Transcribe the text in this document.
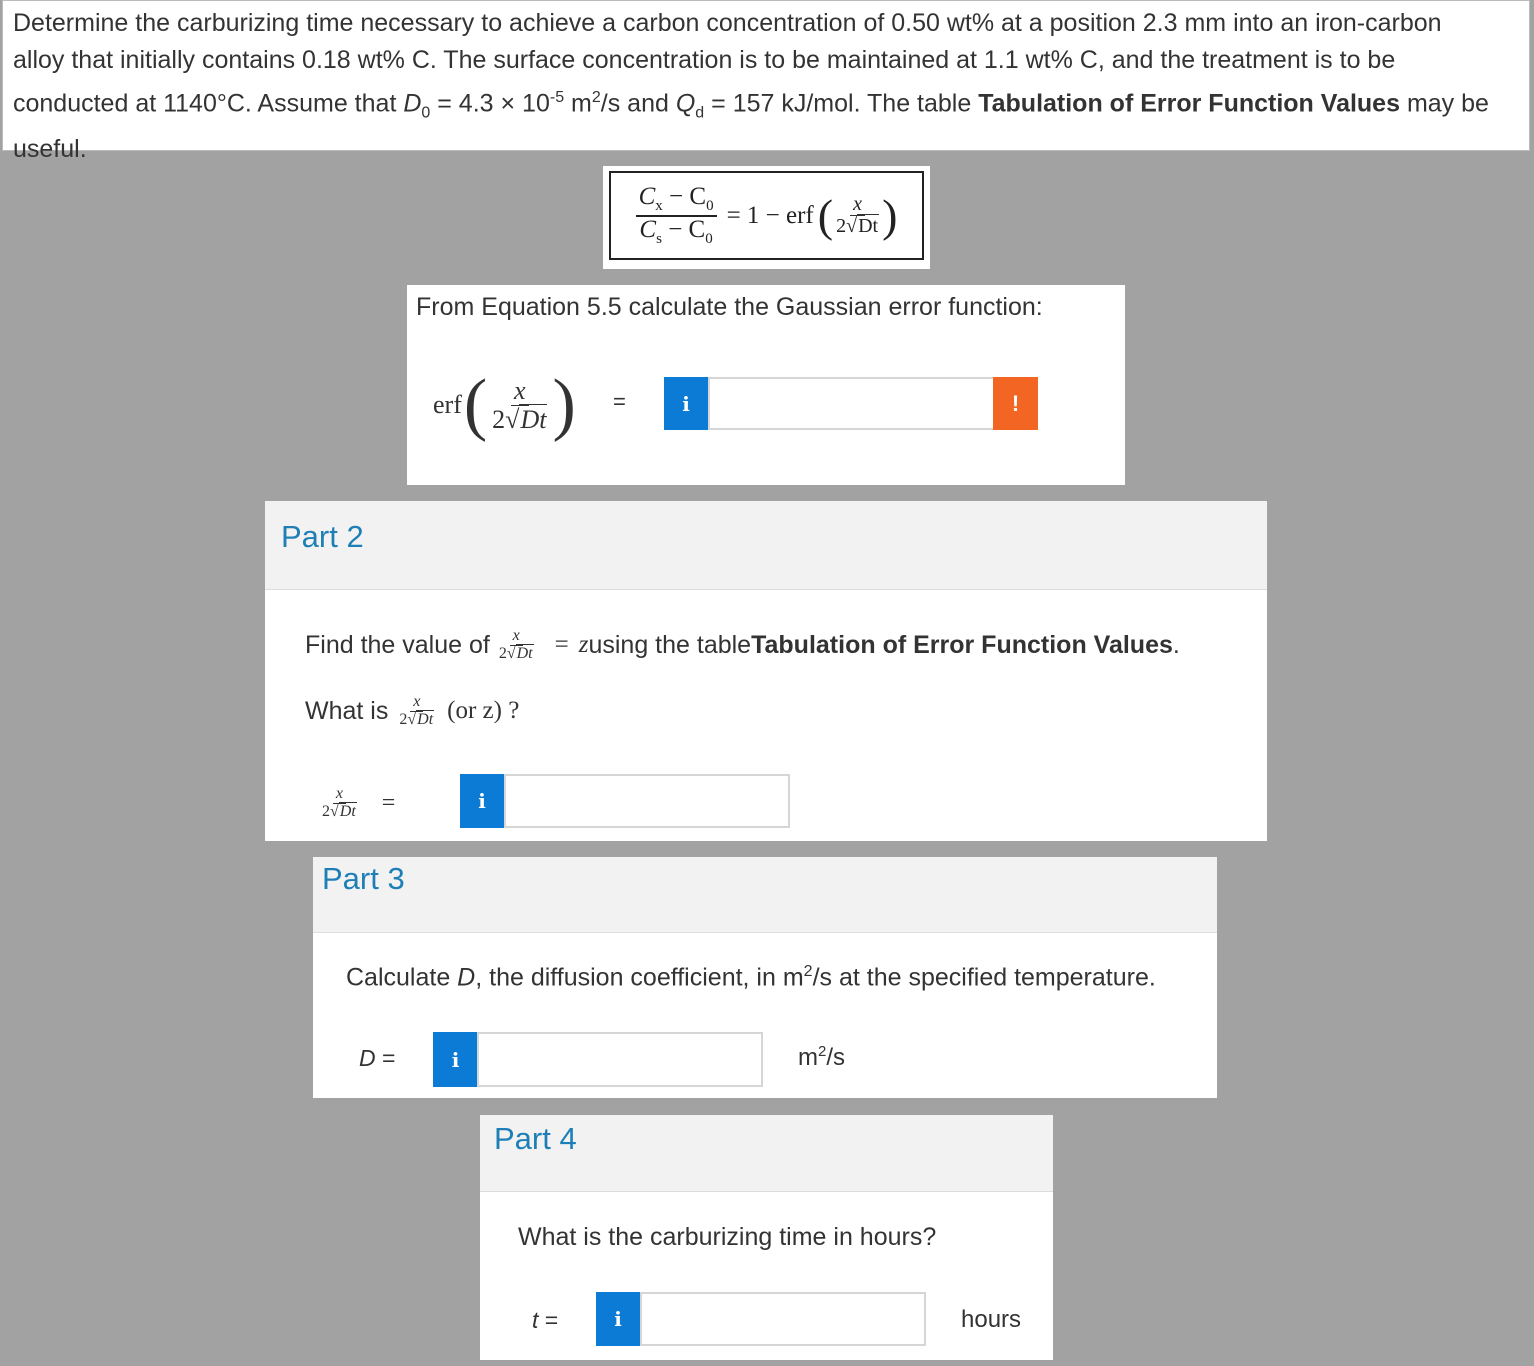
Determine the carburizing time necessary to achieve a carbon concentration of 0.50 wt% at a position 2.3 mm into an iron-carbon
alloy that initially contains 0.18 wt% C. The surface concentration is to be maintained at 1.1 wt% C, and the treatment is to be
conducted at 1140°C. Assume that $D_0 = 4.3 \times 10^{-5}$ $m^2/s$ and $Q_d = 157$ kJ/mol. The table Tabulation of Error Function Values may be
useful.
$\frac{C_x - C_0}{C_s - C_0} = 1$ − erf ( $\frac{x}{2√Dt}$ )
From Equation 5.5 calculate the Gaussian error function:
erf ( $\frac{x}{2√Dt}$ ) =	i	!
Part 2
Find the value of $\frac{x}{2√Dt} = z$ using the table Tabulation of Error Function Values .
What is $\frac{x}{2√Dt} (or$ z) ?
$\frac{x}{2√Dt}$ =	i
Part 3
Calculate D, the diffusion coefficient, in $m^2/s$ at the specified temperature.
D =	i	$m^2/s$
Part 4
What is the carburizing time in hours?
t =	i	hours
